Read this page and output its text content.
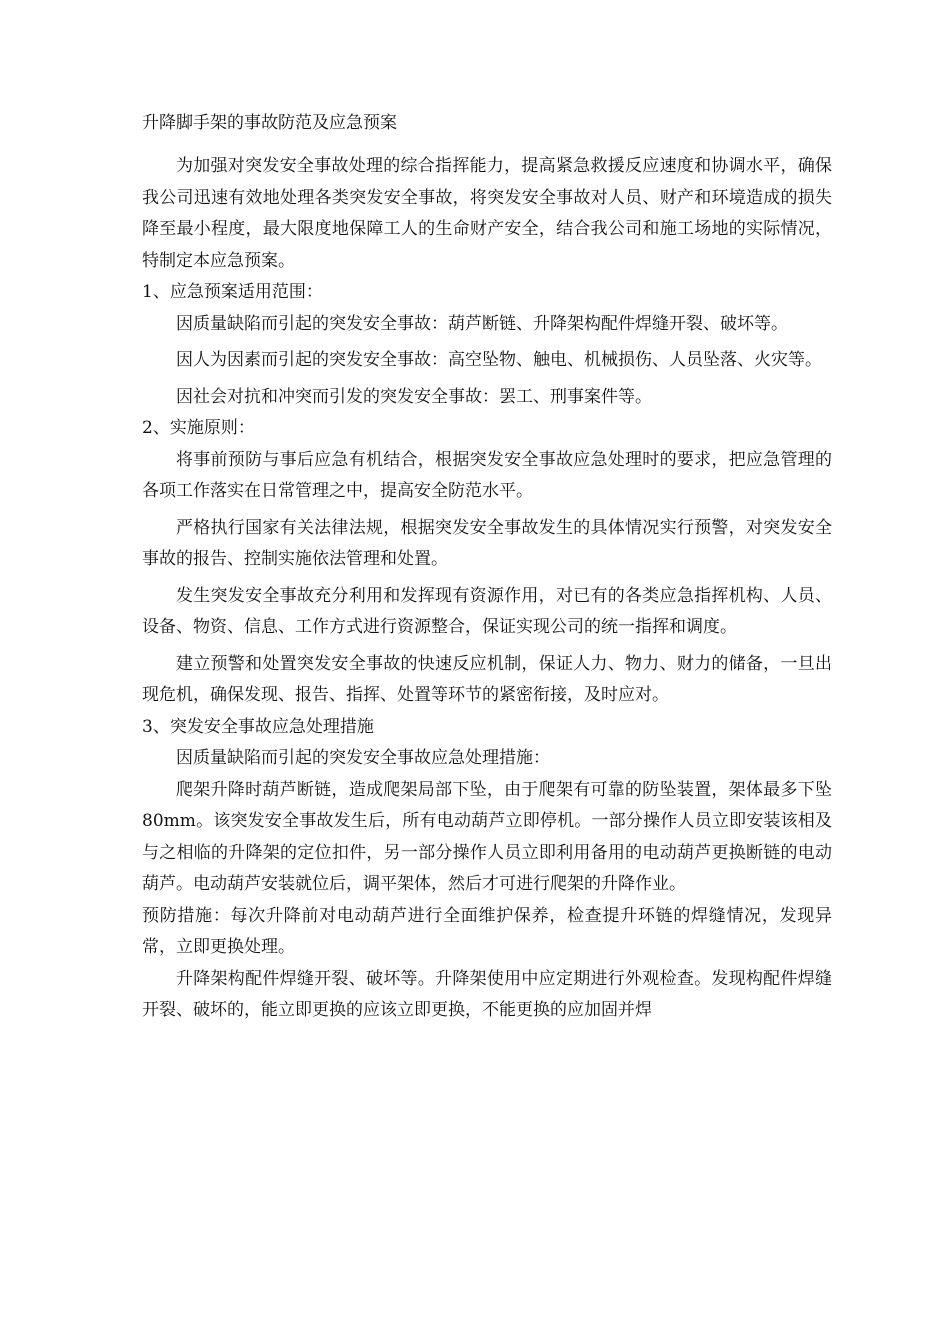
升降脚手架的事故防范及应急预案

为加强对突发安全事故处理的综合指挥能力，提高紧急救援反应速度和协调水平，确保我公司迅速有效地处理各类突发安全事故，将突发安全事故对人员、财产和环境造成的损失降至最小程度，最大限度地保障工人的生命财产安全，结合我公司和施工场地的实际情况，特制定本应急预案。

1、应急预案适用范围：

因质量缺陷而引起的突发安全事故：葫芦断链、升降架构配件焊缝开裂、破坏等。

因人为因素而引起的突发安全事故：高空坠物、触电、机械损伤、人员坠落、火灾等。

因社会对抗和冲突而引发的突发安全事故：罢工、刑事案件等。

2、实施原则：

将事前预防与事后应急有机结合，根据突发安全事故应急处理时的要求，把应急管理的各项工作落实在日常管理之中，提高安全防范水平。

严格执行国家有关法律法规，根据突发安全事故发生的具体情况实行预警，对突发安全事故的报告、控制实施依法管理和处置。

发生突发安全事故充分利用和发挥现有资源作用，对已有的各类应急指挥机构、人员、设备、物资、信息、工作方式进行资源整合，保证实现公司的统一指挥和调度。

建立预警和处置突发安全事故的快速反应机制，保证人力、物力、财力的储备，一旦出现危机，确保发现、报告、指挥、处置等环节的紧密衔接，及时应对。

3、突发安全事故应急处理措施

因质量缺陷而引起的突发安全事故应急处理措施：

爬架升降时葫芦断链，造成爬架局部下坠，由于爬架有可靠的防坠装置，架体最多下坠80mm。该突发安全事故发生后，所有电动葫芦立即停机。一部分操作人员立即安装该相及与之相临的升降架的定位扣件，另一部分操作人员立即利用备用的电动葫芦更换断链的电动葫芦。电动葫芦安装就位后，调平架体，然后才可进行爬架的升降作业。

预防措施：每次升降前对电动葫芦进行全面维护保养，检查提升环链的焊缝情况，发现异常，立即更换处理。

升降架构配件焊缝开裂、破坏等。升降架使用中应定期进行外观检查。发现构配件焊缝开裂、破坏的，能立即更换的应该立即更换，不能更换的应加固并焊
